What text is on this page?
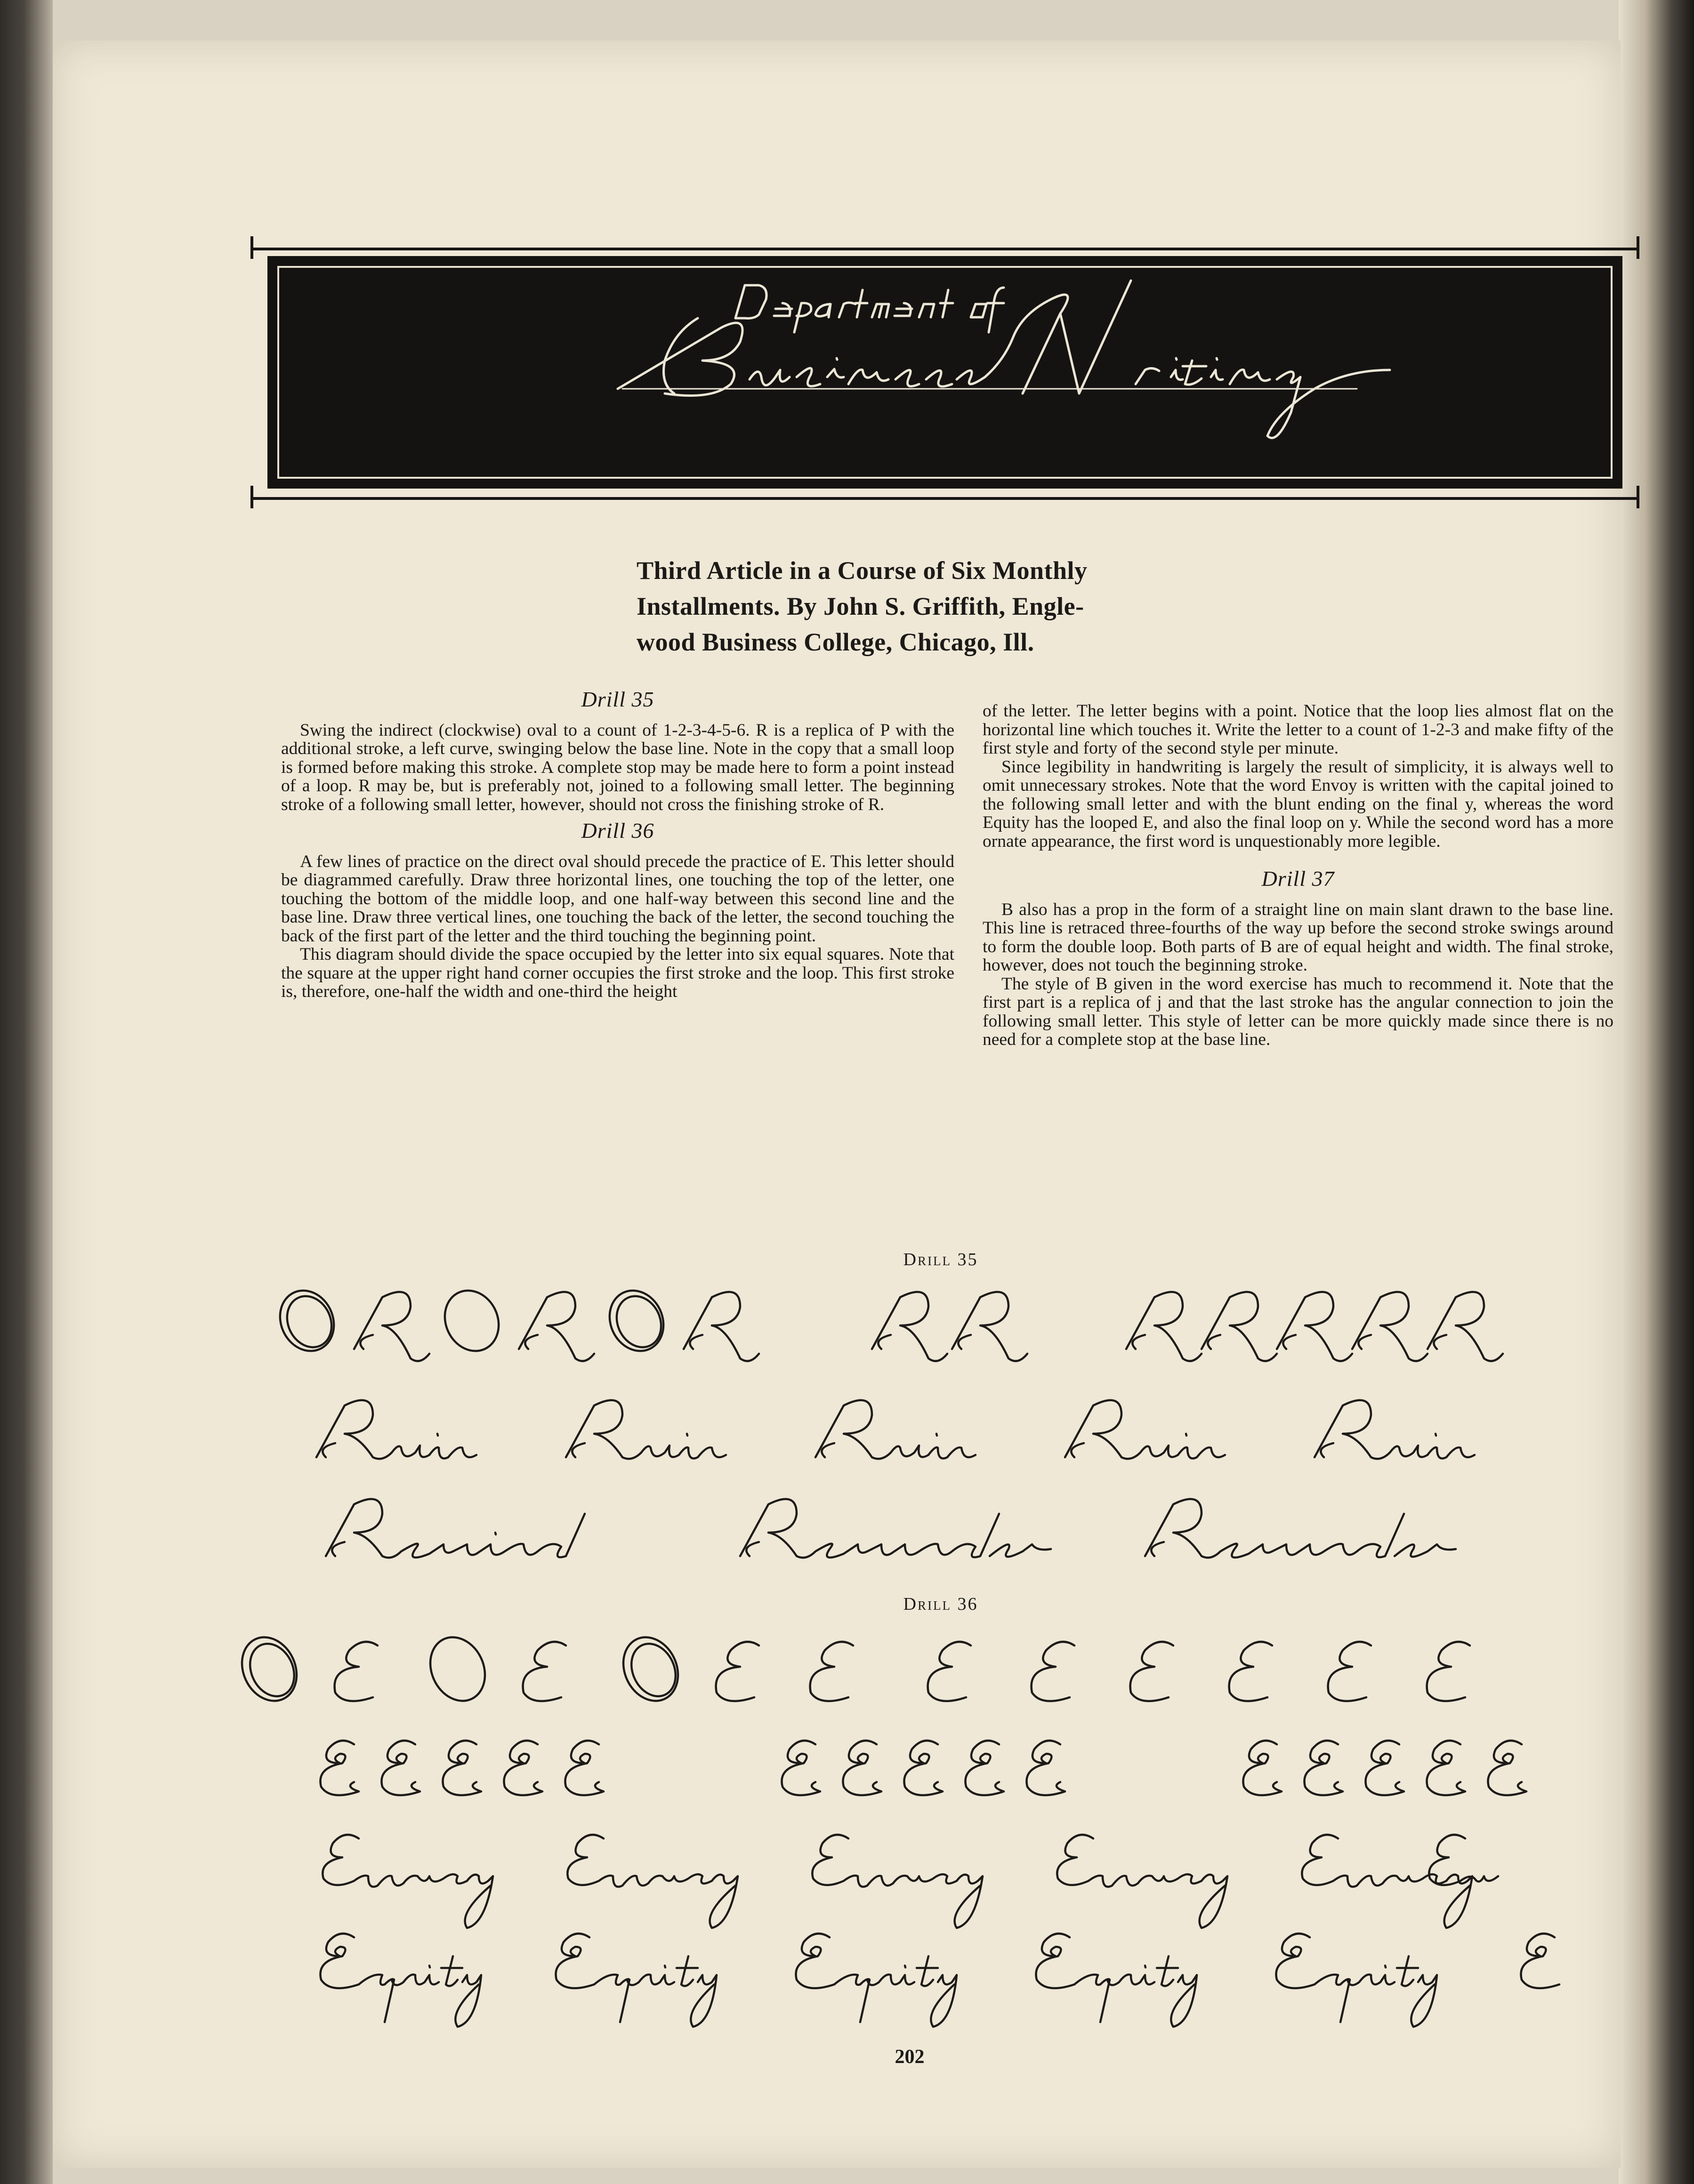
Third Article in a Course of Six Monthly
Installments. By John S. Griffith, Engle-
wood Business College, Chicago, Ill.
Drill 35

Swing the indirect (clockwise) oval to a count of 1-2-3-4-5-6. R is a replica of P with the additional stroke, a left curve, swinging below the base line. Note in the copy that a small loop is formed before making this stroke. A complete stop may be made here to form a point instead of a loop. R may be, but is preferably not, joined to a following small letter. The beginning stroke of a following small letter, however, should not cross the finishing stroke of R.

Drill 36

A few lines of practice on the direct oval should precede the practice of E. This letter should be diagrammed carefully. Draw three horizontal lines, one touching the top of the letter, one touching the bottom of the middle loop, and one half-way between this second line and the base line. Draw three vertical lines, one touching the back of the letter, the second touching the back of the first part of the letter and the third touching the beginning point.

This diagram should divide the space occupied by the letter into six equal squares. Note that the square at the upper right hand corner occupies the first stroke and the loop. This first stroke is, therefore, one-half the width and one-third the height

of the letter. The letter begins with a point. Notice that the loop lies almost flat on the horizontal line which touches it. Write the letter to a count of 1-2-3 and make fifty of the first style and forty of the second style per minute.

Since legibility in handwriting is largely the result of simplicity, it is always well to omit unnecessary strokes. Note that the word Envoy is written with the capital joined to the following small letter and with the blunt ending on the final y, whereas the word Equity has the looped E, and also the final loop on y. While the second word has a more ornate appearance, the first word is unquestionably more legible.

Drill 37

B also has a prop in the form of a straight line on main slant drawn to the base line. This line is retraced three-fourths of the way up before the second stroke swings around to form the double loop. Both parts of B are of equal height and width. The final stroke, however, does not touch the beginning stroke.

The style of B given in the word exercise has much to recommend it. Note that the first part is a replica of j and that the last stroke has the angular connection to join the following small letter. This style of letter can be more quickly made since there is no need for a complete stop at the base line.

Drill 35
Drill 36
202
